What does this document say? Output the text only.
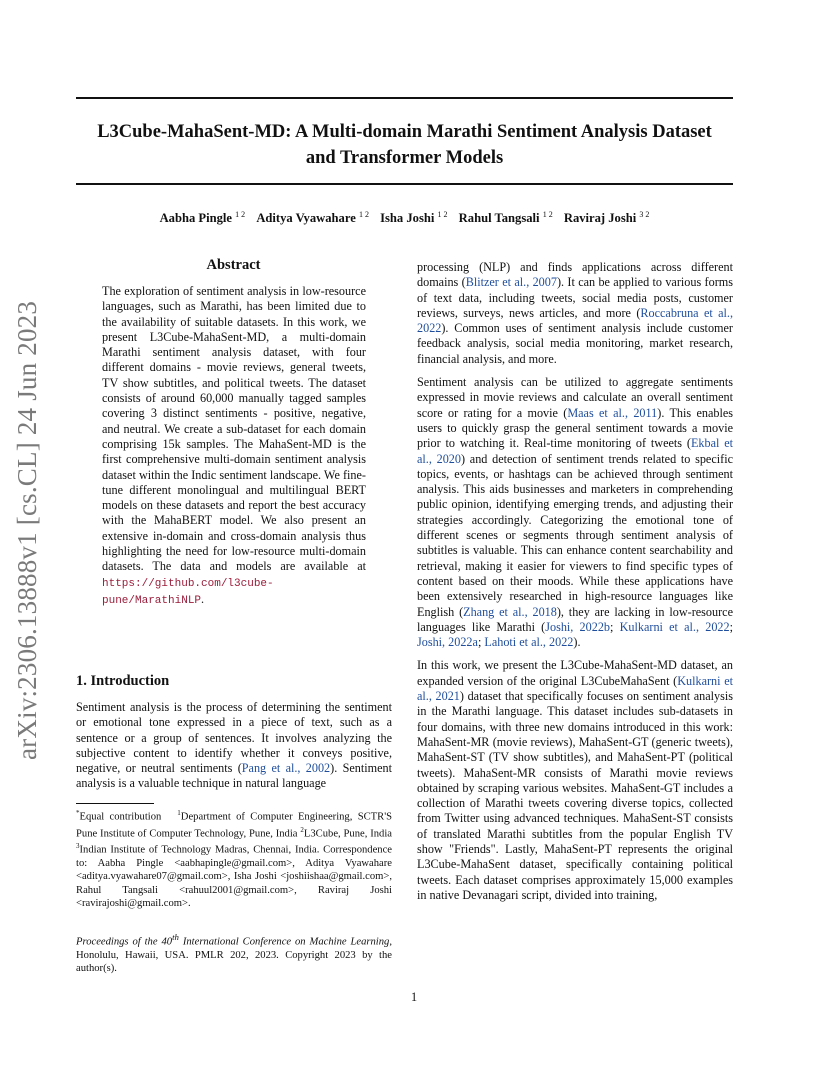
arXiv:2306.13888v1 [cs.CL] 24 Jun 2023
L3Cube-MahaSent-MD: A Multi-domain Marathi Sentiment Analysis Dataset
and Transformer Models
Aabha Pingle $^{1 2}$ Aditya Vyawahare $^{1 2}$ Isha Joshi $^{1 2}$ Rahul Tangsali $^{1 2}$ Raviraj Joshi $^{3 2}$
Abstract
The exploration of sentiment analysis in low-resource languages, such as Marathi, has been limited due to the availability of suitable datasets. In this work, we present L3Cube-MahaSent-MD, a multi-domain Marathi sentiment analysis dataset, with four different domains - movie reviews, general tweets, TV show subtitles, and political tweets. The dataset consists of around 60,000 manually tagged samples covering 3 distinct sentiments - positive, negative, and neutral. We create a sub-dataset for each domain comprising 15k samples. The MahaSent-MD is the first comprehensive multi-domain sentiment analysis dataset within the Indic sentiment landscape. We fine-tune different monolingual and multilingual BERT models on these datasets and report the best accuracy with the MahaBERT model. We also present an extensive in-domain and cross-domain analysis thus highlighting the need for low-resource multi-domain datasets. The data and models are available at https://github.com/l3cube-pune/MarathiNLP.
1. Introduction
Sentiment analysis is the process of determining the sentiment or emotional tone expressed in a piece of text, such as a sentence or a group of sentences. It involves analyzing the subjective content to identify whether it conveys positive, negative, or neutral sentiments (Pang et al., 2002). Sentiment analysis is a valuable technique in natural language
*Equal contribution $^1$Department of Computer Engineering, SCTR'S Pune Institute of Computer Technology, Pune, India $^2$L3Cube, Pune, India $^3$Indian Institute of Technology Madras, Chennai, India. Correspondence to: Aabha Pingle <aabhapingle@gmail.com>, Aditya Vyawahare <aditya.vyawahare07@gmail.com>, Isha Joshi <joshiishaa@gmail.com>, Rahul Tangsali <rahuul2001@gmail.com>, Raviraj Joshi <ravirajoshi@gmail.com>.
Proceedings of the 40th International Conference on Machine Learning, Honolulu, Hawaii, USA. PMLR 202, 2023. Copyright 2023 by the author(s).

processing (NLP) and finds applications across different domains (Blitzer et al., 2007). It can be applied to various forms of text data, including tweets, social media posts, customer reviews, surveys, news articles, and more (Roccabruna et al., 2022). Common uses of sentiment analysis include customer feedback analysis, social media monitoring, market research, financial analysis, and more.

Sentiment analysis can be utilized to aggregate sentiments expressed in movie reviews and calculate an overall sentiment score or rating for a movie (Maas et al., 2011). This enables users to quickly grasp the general sentiment towards a movie prior to watching it. Real-time monitoring of tweets (Ekbal et al., 2020) and detection of sentiment trends related to specific topics, events, or hashtags can be achieved through sentiment analysis. This aids businesses and marketers in comprehending public opinion, identifying emerging trends, and adjusting their strategies accordingly. Categorizing the emotional tone of different scenes or segments through sentiment analysis of subtitles is valuable. This can enhance content searchability and retrieval, making it easier for viewers to find specific types of content based on their moods. While these applications have been extensively researched in high-resource languages like English (Zhang et al., 2018), they are lacking in low-resource languages like Marathi (Joshi, 2022b; Kulkarni et al., 2022; Joshi, 2022a; Lahoti et al., 2022).

In this work, we present the L3Cube-MahaSent-MD dataset, an expanded version of the original L3CubeMahaSent (Kulkarni et al., 2021) dataset that specifically focuses on sentiment analysis in the Marathi language. This dataset includes sub-datasets in four domains, with three new domains introduced in this work: MahaSent-MR (movie reviews), MahaSent-GT (generic tweets), MahaSent-ST (TV show subtitles), and MahaSent-PT (political tweets). MahaSent-MR consists of Marathi movie reviews obtained by scraping various websites. MahaSent-GT includes a collection of Marathi tweets covering diverse topics, collected from Twitter using advanced techniques. MahaSent-ST consists of translated Marathi subtitles from the popular English TV show "Friends". Lastly, MahaSent-PT represents the original L3Cube-MahaSent dataset, specifically containing political tweets. Each dataset comprises approximately 15,000 examples in native Devanagari script, divided into training,

1
